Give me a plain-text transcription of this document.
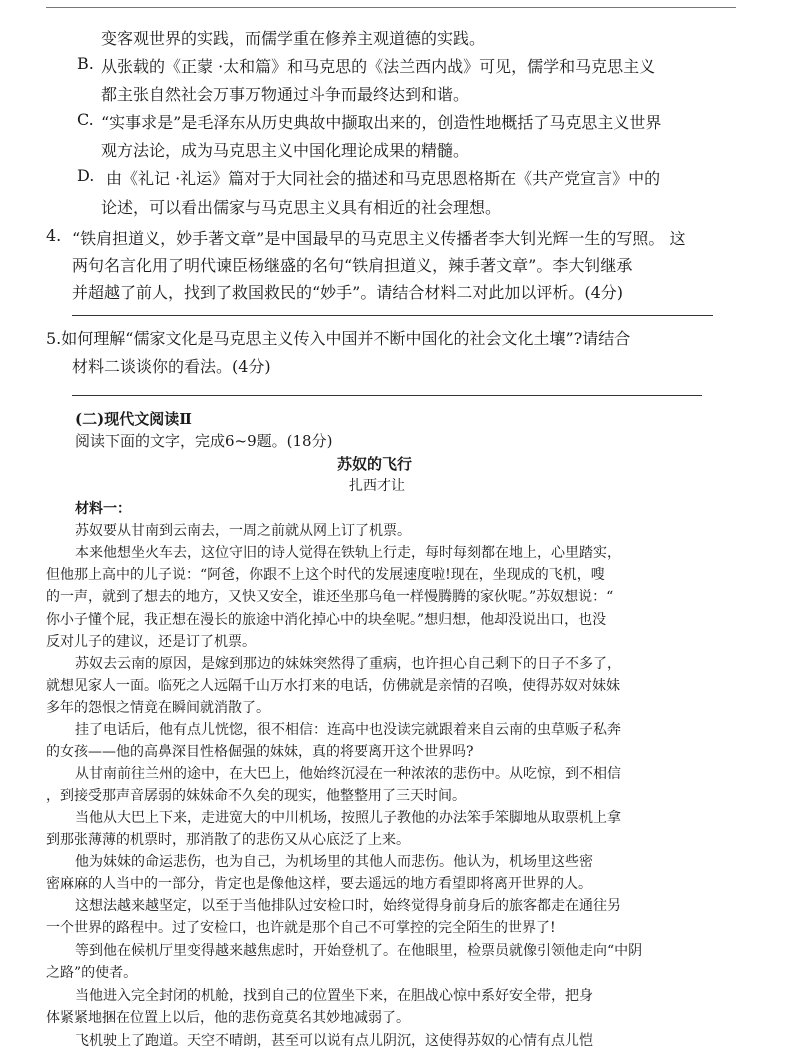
变客观世界的实践，而儒学重在修养主观道德的实践。
B. 从张载的《正蒙 ·太和篇》和马克思的《法兰西内战》可见，儒学和马克思主义
都主张自然社会万事万物通过斗争而最终达到和谐。
C. “实事求是”是毛泽东从历史典故中撷取出来的，创造性地概括了马克思主义世界
观方法论，成为马克思主义中国化理论成果的精髓。
D. 由《礼记 ·礼运》篇对于大同社会的描述和马克思恩格斯在《共产党宣言》中的
论述，可以看出儒家与马克思主义具有相近的社会理想。
4. “铁肩担道义，妙手著文章”是中国最早的马克思主义传播者李大钊光辉一生的写照。 这
两句名言化用了明代谏臣杨继盛的名句“铁肩担道义，辣手著文章”。李大钊继承
并超越了前人，找到了救国救民的“妙手”。请结合材料二对此加以评析。(4分)
5.如何理解“儒家文化是马克思主义传入中国并不断中国化的社会文化土壤”?请结合
材料二谈谈你的看法。(4分)
(二)现代文阅读Ⅱ
阅读下面的文字，完成6~9题。(18分)
苏奴的飞行
扎西才让
材料一：
苏奴要从甘南到云南去，一周之前就从网上订了机票。
本来他想坐火车去，这位守旧的诗人觉得在铁轨上行走，每时每刻都在地上，心里踏实，
但他那上高中的儿子说：“阿爸，你跟不上这个时代的发展速度啦!现在，坐现成的飞机，嗖
的一声，就到了想去的地方，又快又安全，谁还坐那乌龟一样慢腾腾的家伙呢。”苏奴想说：“
你小子懂个屁，我正想在漫长的旅途中消化掉心中的块垒呢。”想归想，他却没说出口，也没
反对儿子的建议，还是订了机票。
苏奴去云南的原因，是嫁到那边的妹妹突然得了重病，也许担心自己剩下的日子不多了，
就想见家人一面。临死之人远隔千山万水打来的电话，仿佛就是亲情的召唤，使得苏奴对妹妹
多年的怨恨之情竟在瞬间就消散了。
挂了电话后，他有点儿恍惚，很不相信：连高中也没读完就跟着来自云南的虫草贩子私奔
的女孩——他的高鼻深目性格倔强的妹妹，真的将要离开这个世界吗?
从甘南前往兰州的途中，在大巴上，他始终沉浸在一种浓浓的悲伤中。从吃惊，到不相信
，到接受那声音孱弱的妹妹命不久矣的现实，他整整用了三天时间。
当他从大巴上下来，走进宽大的中川机场，按照儿子教他的办法笨手笨脚地从取票机上拿
到那张薄薄的机票时，那消散了的悲伤又从心底泛了上来。
他为妹妹的命运悲伤，也为自己，为机场里的其他人而悲伤。他认为，机场里这些密
密麻麻的人当中的一部分，肯定也是像他这样，要去遥远的地方看望即将离开世界的人。
这想法越来越坚定，以至于当他排队过安检口时，始终觉得身前身后的旅客都走在通往另
一个世界的路程中。过了安检口，也许就是那个自己不可掌控的完全陌生的世界了!
等到他在候机厅里变得越来越焦虑时，开始登机了。在他眼里，检票员就像引领他走向“中阴
之路”的使者。
当他进入完全封闭的机舱，找到自己的位置坐下来，在胆战心惊中系好安全带，把身
体紧紧地捆在位置上以后，他的悲伤竟莫名其妙地减弱了。
飞机驶上了跑道。天空不晴朗，甚至可以说有点儿阴沉，这使得苏奴的心情有点儿恺
